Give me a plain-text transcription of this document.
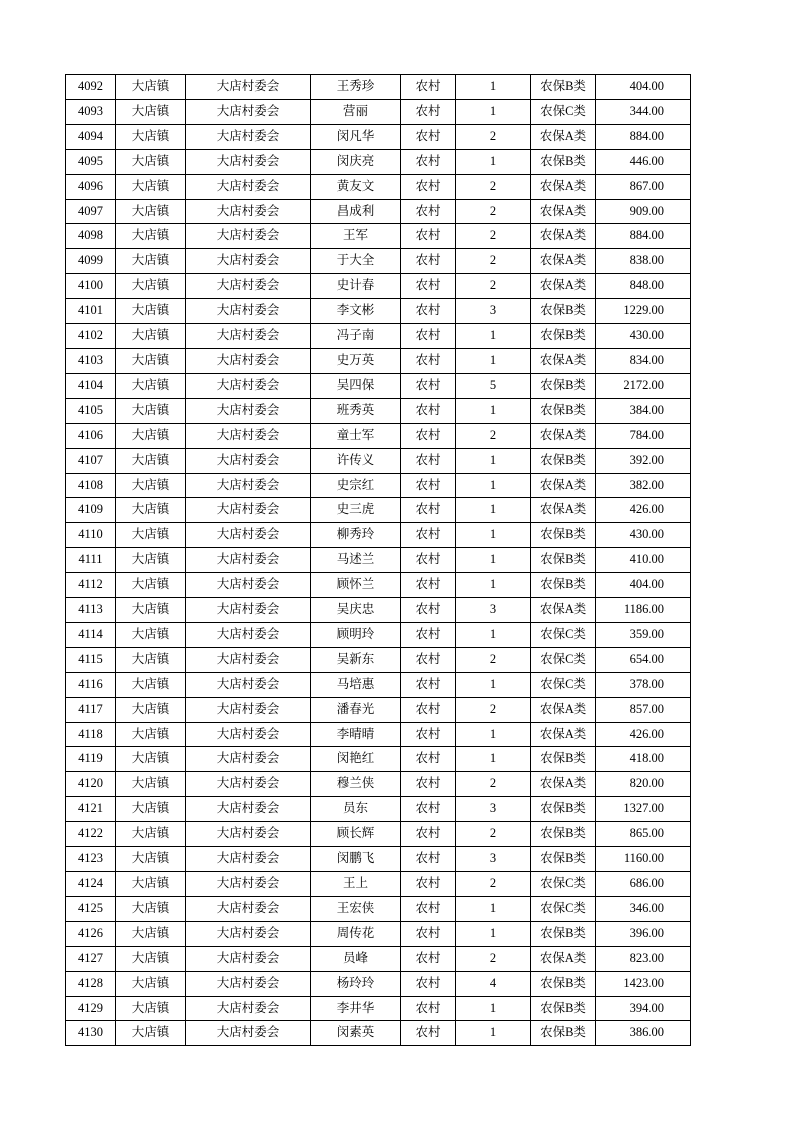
4092	大店镇	大店村委会	王秀珍	农村	1	农保B类	404.00
4093	大店镇	大店村委会	营丽	农村	1	农保C类	344.00
4094	大店镇	大店村委会	闵凡华	农村	2	农保A类	884.00
4095	大店镇	大店村委会	闵庆亮	农村	1	农保B类	446.00
4096	大店镇	大店村委会	黄友文	农村	2	农保A类	867.00
4097	大店镇	大店村委会	昌成利	农村	2	农保A类	909.00
4098	大店镇	大店村委会	王军	农村	2	农保A类	884.00
4099	大店镇	大店村委会	于大全	农村	2	农保A类	838.00
4100	大店镇	大店村委会	史计春	农村	2	农保A类	848.00
4101	大店镇	大店村委会	李文彬	农村	3	农保B类	1229.00
4102	大店镇	大店村委会	冯子南	农村	1	农保B类	430.00
4103	大店镇	大店村委会	史万英	农村	1	农保A类	834.00
4104	大店镇	大店村委会	吴四保	农村	5	农保B类	2172.00
4105	大店镇	大店村委会	班秀英	农村	1	农保B类	384.00
4106	大店镇	大店村委会	童士军	农村	2	农保A类	784.00
4107	大店镇	大店村委会	许传义	农村	1	农保B类	392.00
4108	大店镇	大店村委会	史宗红	农村	1	农保A类	382.00
4109	大店镇	大店村委会	史三虎	农村	1	农保A类	426.00
4110	大店镇	大店村委会	柳秀玲	农村	1	农保B类	430.00
4111	大店镇	大店村委会	马述兰	农村	1	农保B类	410.00
4112	大店镇	大店村委会	顾怀兰	农村	1	农保B类	404.00
4113	大店镇	大店村委会	吴庆忠	农村	3	农保A类	1186.00
4114	大店镇	大店村委会	顾明玲	农村	1	农保C类	359.00
4115	大店镇	大店村委会	吴新东	农村	2	农保C类	654.00
4116	大店镇	大店村委会	马培惠	农村	1	农保C类	378.00
4117	大店镇	大店村委会	潘春光	农村	2	农保A类	857.00
4118	大店镇	大店村委会	李晴晴	农村	1	农保A类	426.00
4119	大店镇	大店村委会	闵艳红	农村	1	农保B类	418.00
4120	大店镇	大店村委会	穆兰侠	农村	2	农保A类	820.00
4121	大店镇	大店村委会	员东	农村	3	农保B类	1327.00
4122	大店镇	大店村委会	顾长辉	农村	2	农保B类	865.00
4123	大店镇	大店村委会	闵鹏飞	农村	3	农保B类	1160.00
4124	大店镇	大店村委会	王上	农村	2	农保C类	686.00
4125	大店镇	大店村委会	王宏侠	农村	1	农保C类	346.00
4126	大店镇	大店村委会	周传花	农村	1	农保B类	396.00
4127	大店镇	大店村委会	员峰	农村	2	农保A类	823.00
4128	大店镇	大店村委会	杨玲玲	农村	4	农保B类	1423.00
4129	大店镇	大店村委会	李井华	农村	1	农保B类	394.00
4130	大店镇	大店村委会	闵素英	农村	1	农保B类	386.00
